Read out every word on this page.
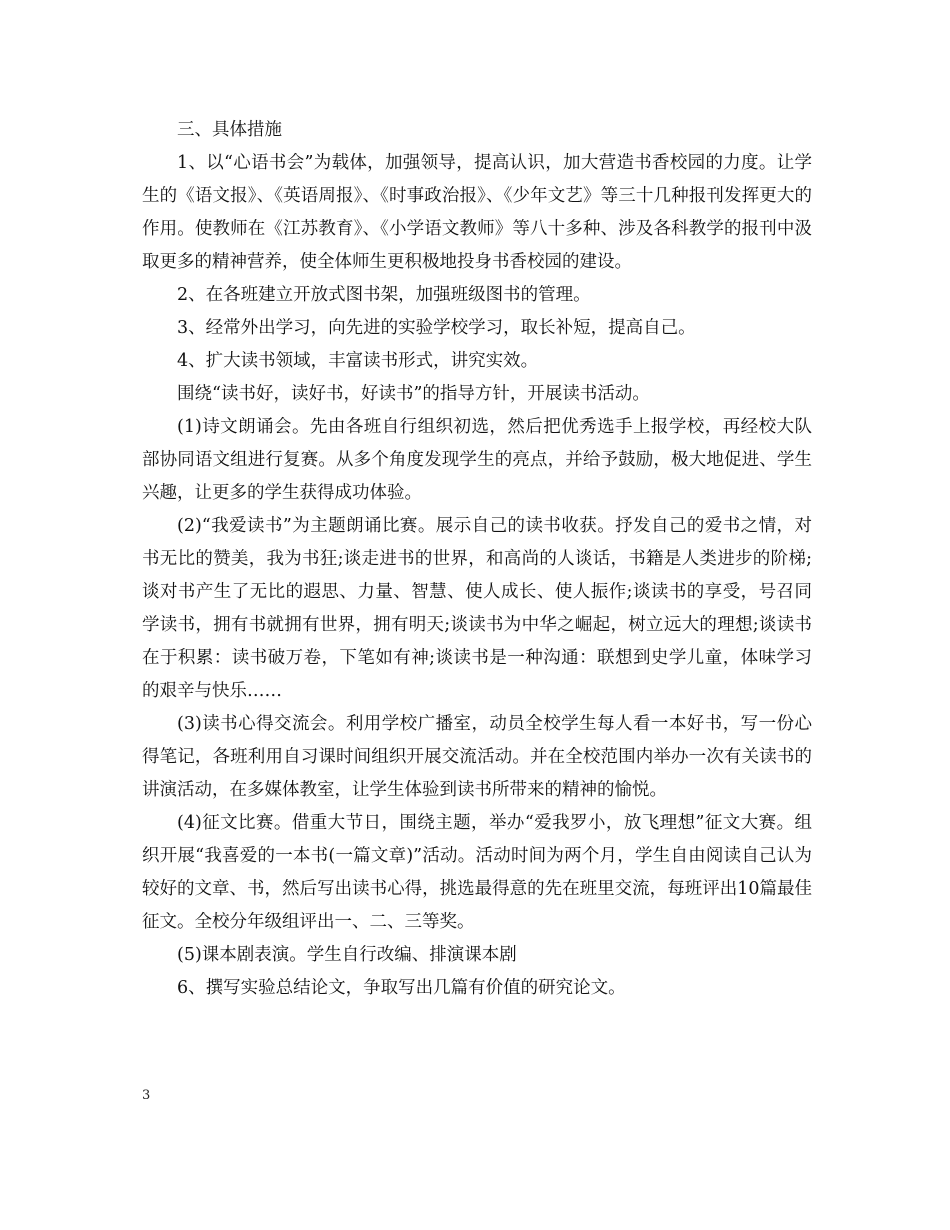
三、具体措施

1、以“心语书会”为载体，加强领导，提高认识，加大营造书香校园的力度。让学生的《语文报》、《英语周报》、《时事政治报》、《少年文艺》等三十几种报刊发挥更大的作用。使教师在《江苏教育》、《小学语文教师》等八十多种、涉及各科教学的报刊中汲取更多的精神营养，使全体师生更积极地投身书香校园的建设。

2、在各班建立开放式图书架，加强班级图书的管理。

3、经常外出学习，向先进的实验学校学习，取长补短，提高自己。

4、扩大读书领域，丰富读书形式，讲究实效。

围绕“读书好，读好书，好读书”的指导方针，开展读书活动。

(1)诗文朗诵会。先由各班自行组织初选，然后把优秀选手上报学校，再经校大队部协同语文组进行复赛。从多个角度发现学生的亮点，并给予鼓励，极大地促进、学生兴趣，让更多的学生获得成功体验。

(2)“我爱读书”为主题朗诵比赛。展示自己的读书收获。抒发自己的爱书之情，对书无比的赞美，我为书狂;谈走进书的世界，和高尚的人谈话，书籍是人类进步的阶梯;谈对书产生了无比的遐思、力量、智慧、使人成长、使人振作;谈读书的享受，号召同学读书，拥有书就拥有世界，拥有明天;谈读书为中华之崛起，树立远大的理想;谈读书在于积累：读书破万卷，下笔如有神;谈读书是一种沟通：联想到史学儿童，体味学习的艰辛与快乐……

(3)读书心得交流会。利用学校广播室，动员全校学生每人看一本好书，写一份心得笔记，各班利用自习课时间组织开展交流活动。并在全校范围内举办一次有关读书的讲演活动，在多媒体教室，让学生体验到读书所带来的精神的愉悦。

(4)征文比赛。借重大节日，围绕主题，举办“爱我罗小，放飞理想”征文大赛。组织开展“我喜爱的一本书(一篇文章)”活动。活动时间为两个月，学生自由阅读自己认为较好的文章、书，然后写出读书心得，挑选最得意的先在班里交流，每班评出10篇最佳征文。全校分年级组评出一、二、三等奖。

(5)课本剧表演。学生自行改编、排演课本剧

6、撰写实验总结论文，争取写出几篇有价值的研究论文。

3
